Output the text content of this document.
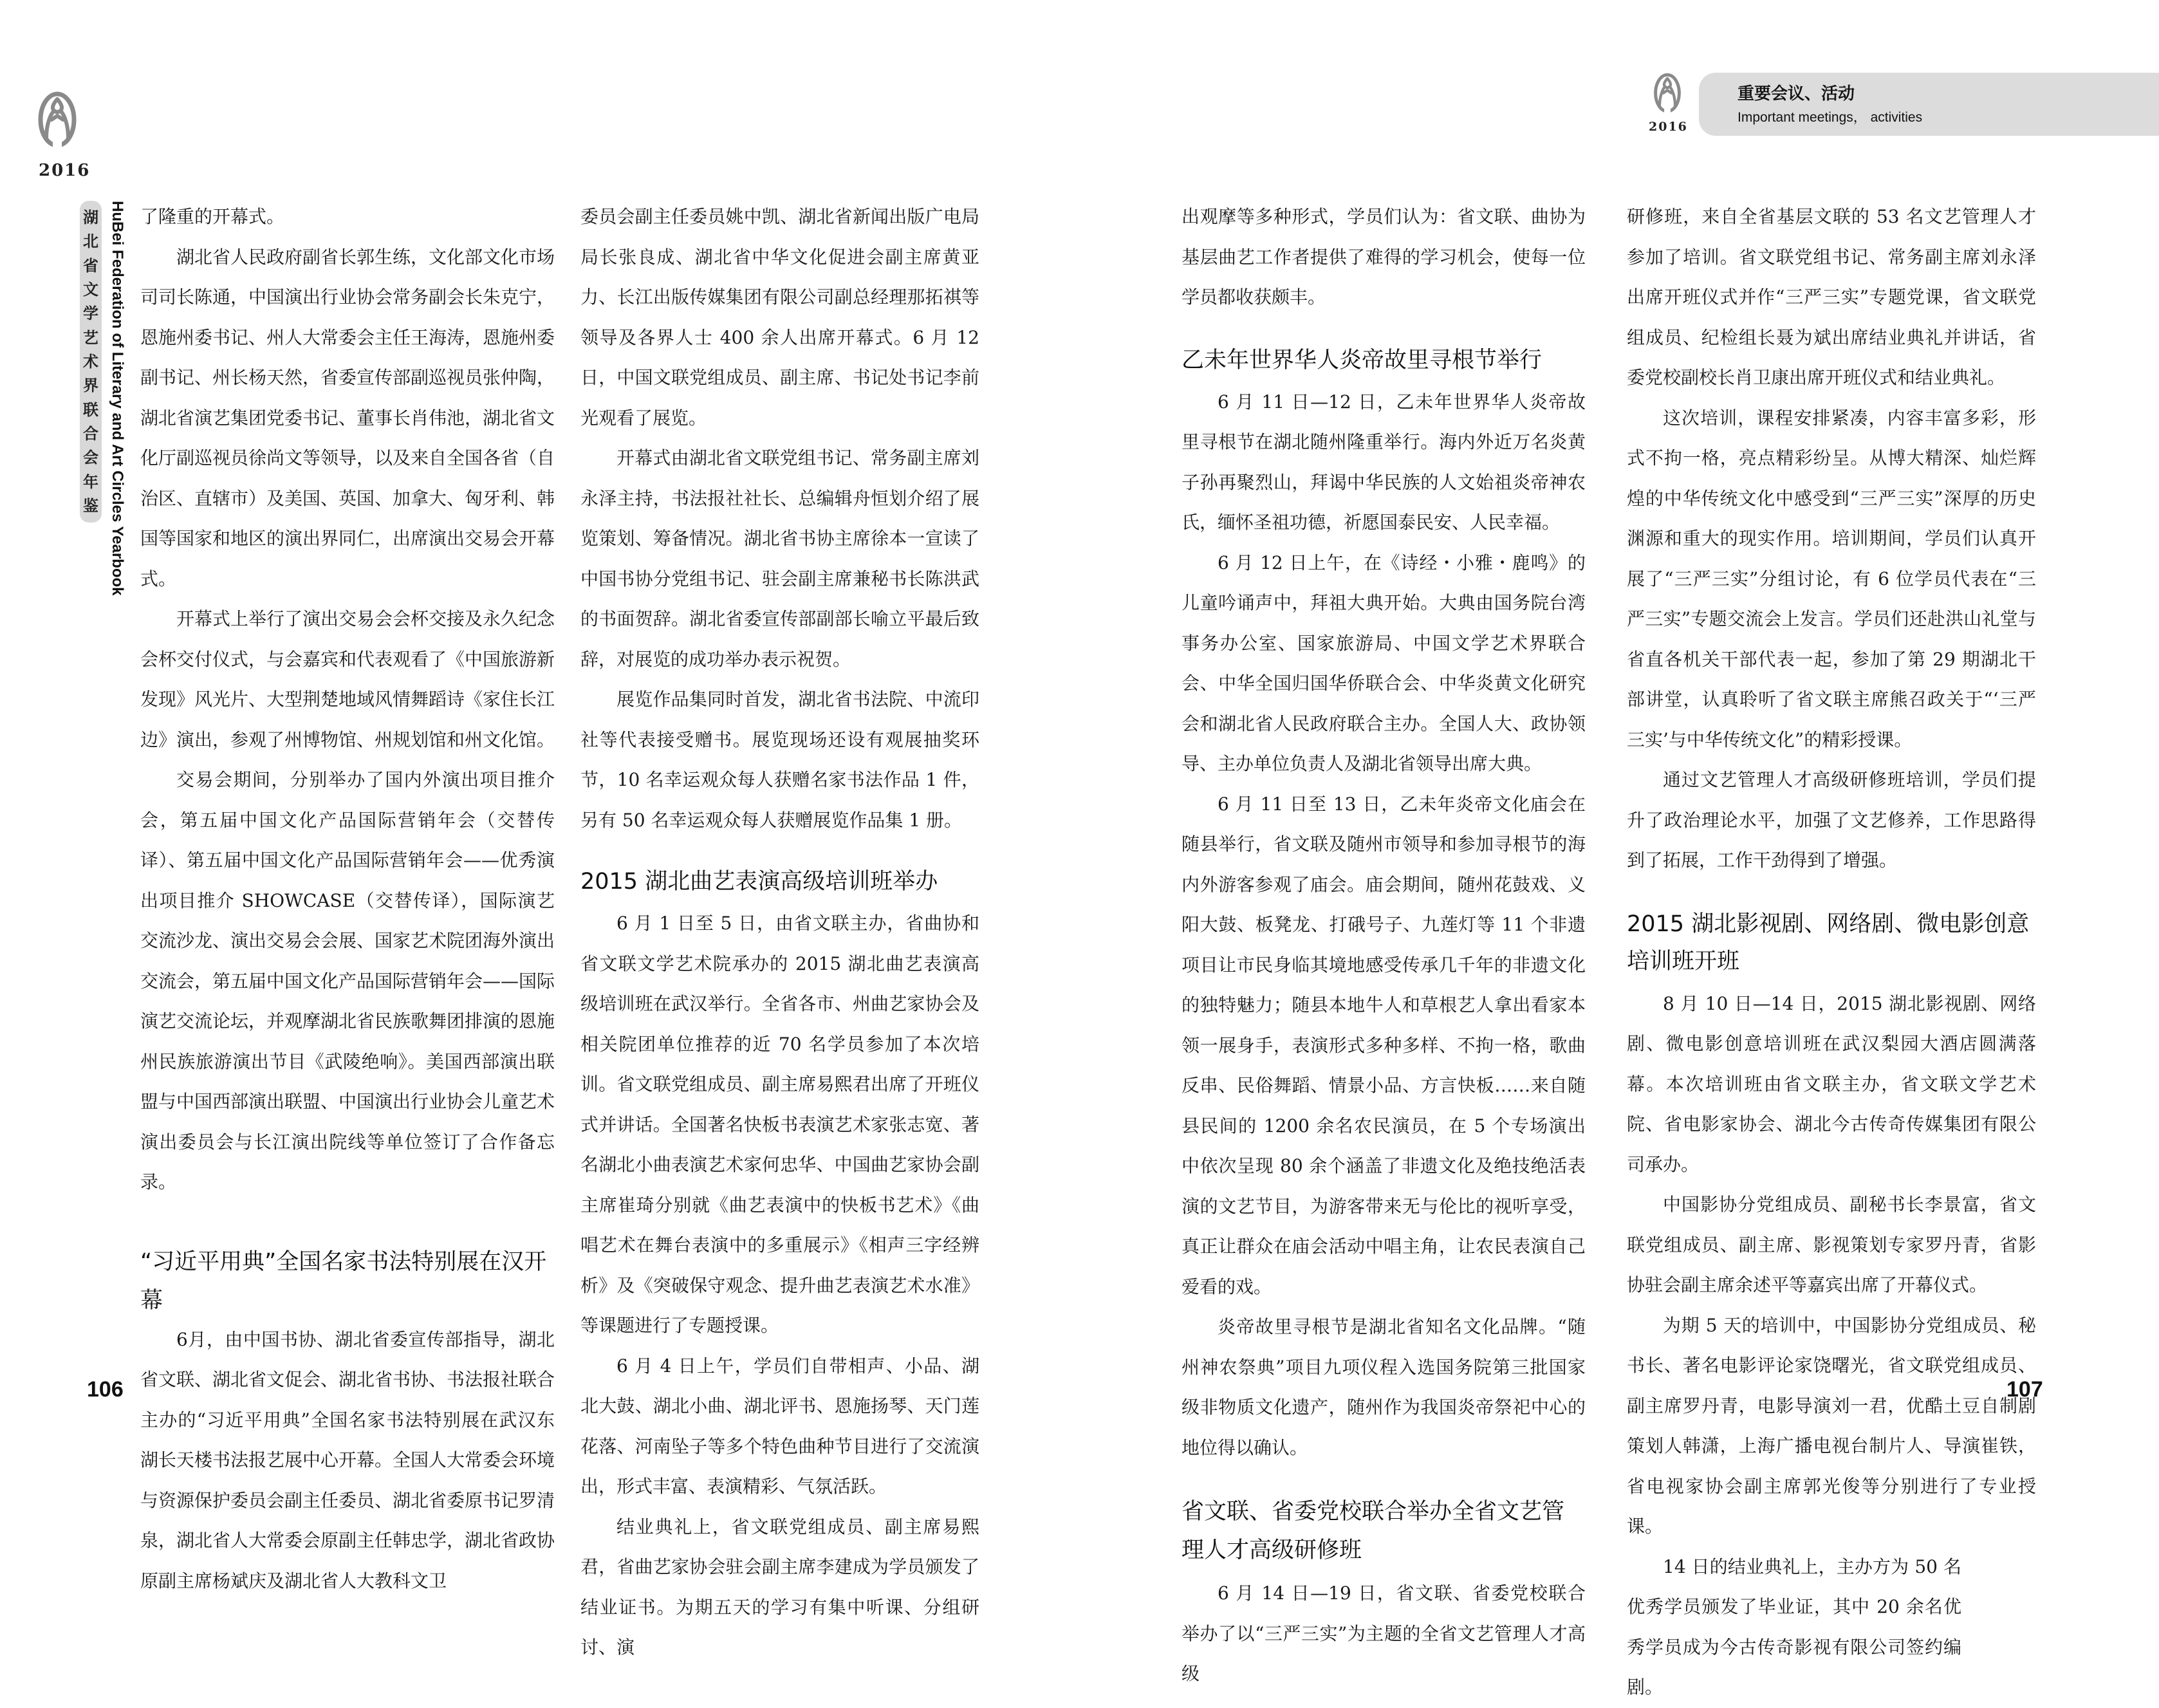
2016
湖
北
省
文
学
艺
术
界
联
合
会
年
鉴 HuBei Federation of Literary and Art Circles Yearbook 了隆重的开幕式。

湖北省人民政府副省长郭生练，文化部文化市场司司长陈通，中国演出行业协会常务副会长朱克宁，恩施州委书记、州人大常委会主任王海涛，恩施州委副书记、州长杨天然，省委宣传部副巡视员张仲陶，湖北省演艺集团党委书记、董事长肖伟池，湖北省文化厅副巡视员徐尚文等领导，以及来自全国各省（自治区、直辖市）及美国、英国、加拿大、匈牙利、韩国等国家和地区的演出界同仁，出席演出交易会开幕式。

开幕式上举行了演出交易会会杯交接及永久纪念会杯交付仪式，与会嘉宾和代表观看了《中国旅游新发现》风光片、大型荆楚地域风情舞蹈诗《家住长江边》演出，参观了州博物馆、州规划馆和州文化馆。

交易会期间，分别举办了国内外演出项目推介会，第五届中国文化产品国际营销年会（交替传译）、第五届中国文化产品国际营销年会——优秀演出项目推介 SHOWCASE（交替传译），国际演艺交流沙龙、演出交易会会展、国家艺术院团海外演出交流会，第五届中国文化产品国际营销年会——国际演艺交流论坛，并观摩湖北省民族歌舞团排演的恩施州民族旅游演出节目《武陵绝响》。美国西部演出联盟与中国西部演出联盟、中国演出行业协会儿童艺术演出委员会与长江演出院线等单位签订了合作备忘录。

“习近平用典”全国名家书法特别展在汉开幕

6月，由中国书协、湖北省委宣传部指导，湖北省文联、湖北省文促会、湖北省书协、书法报社联合主办的“习近平用典”全国名家书法特别展在武汉东湖长天楼书法报艺展中心开幕。全国人大常委会环境与资源保护委员会副主任委员、湖北省委原书记罗清泉，湖北省人大常委会原副主任韩忠学，湖北省政协原副主席杨斌庆及湖北省人大教科文卫

委员会副主任委员姚中凯、湖北省新闻出版广电局局长张良成、湖北省中华文化促进会副主席黄亚力、长江出版传媒集团有限公司副总经理那拓祺等领导及各界人士 400 余人出席开幕式。6 月 12 日，中国文联党组成员、副主席、书记处书记李前光观看了展览。

开幕式由湖北省文联党组书记、常务副主席刘永泽主持，书法报社社长、总编辑舟恒划介绍了展览策划、筹备情况。湖北省书协主席徐本一宣读了中国书协分党组书记、驻会副主席兼秘书长陈洪武的书面贺辞。湖北省委宣传部副部长喻立平最后致辞，对展览的成功举办表示祝贺。

展览作品集同时首发，湖北省书法院、中流印社等代表接受赠书。展览现场还设有观展抽奖环节，10 名幸运观众每人获赠名家书法作品 1 件，另有 50 名幸运观众每人获赠展览作品集 1 册。

2015 湖北曲艺表演高级培训班举办

6 月 1 日至 5 日，由省文联主办，省曲协和省文联文学艺术院承办的 2015 湖北曲艺表演高级培训班在武汉举行。全省各市、州曲艺家协会及相关院团单位推荐的近 70 名学员参加了本次培训。省文联党组成员、副主席易熙君出席了开班仪式并讲话。全国著名快板书表演艺术家张志宽、著名湖北小曲表演艺术家何忠华、中国曲艺家协会副主席崔琦分别就《曲艺表演中的快板书艺术》《曲唱艺术在舞台表演中的多重展示》《相声三字经辨析》及《突破保守观念、提升曲艺表演艺术水准》等课题进行了专题授课。

6 月 4 日上午，学员们自带相声、小品、湖北大鼓、湖北小曲、湖北评书、恩施扬琴、天门莲花落、河南坠子等多个特色曲种节目进行了交流演出，形式丰富、表演精彩、气氛活跃。

结业典礼上，省文联党组成员、副主席易熙君，省曲艺家协会驻会副主席李建成为学员颁发了结业证书。为期五天的学习有集中听课、分组研讨、演

106
2016
重要会议、活动
Important meetings， activities

出观摩等多种形式，学员们认为：省文联、曲协为基层曲艺工作者提供了难得的学习机会，使每一位学员都收获颇丰。

乙未年世界华人炎帝故里寻根节举行

6 月 11 日—12 日，乙未年世界华人炎帝故里寻根节在湖北随州隆重举行。海内外近万名炎黄子孙再聚烈山，拜谒中华民族的人文始祖炎帝神农氏，缅怀圣祖功德，祈愿国泰民安、人民幸福。

6 月 12 日上午，在《诗经・小雅・鹿鸣》的儿童吟诵声中，拜祖大典开始。大典由国务院台湾事务办公室、国家旅游局、中国文学艺术界联合会、中华全国归国华侨联合会、中华炎黄文化研究会和湖北省人民政府联合主办。全国人大、政协领导、主办单位负责人及湖北省领导出席大典。

6 月 11 日至 13 日，乙未年炎帝文化庙会在随县举行，省文联及随州市领导和参加寻根节的海内外游客参观了庙会。庙会期间，随州花鼓戏、义阳大鼓、板凳龙、打硪号子、九莲灯等 11 个非遗项目让市民身临其境地感受传承几千年的非遗文化的独特魅力；随县本地牛人和草根艺人拿出看家本领一展身手，表演形式多种多样、不拘一格，歌曲反串、民俗舞蹈、情景小品、方言快板……来自随县民间的 1200 余名农民演员，在 5 个专场演出中依次呈现 80 余个涵盖了非遗文化及绝技绝活表演的文艺节目，为游客带来无与伦比的视听享受，真正让群众在庙会活动中唱主角，让农民表演自己爱看的戏。

炎帝故里寻根节是湖北省知名文化品牌。“随州神农祭典”项目九项仪程入选国务院第三批国家级非物质文化遗产，随州作为我国炎帝祭祀中心的地位得以确认。

省文联、省委党校联合举办全省文艺管理人才高级研修班

6 月 14 日—19 日，省文联、省委党校联合举办了以“三严三实”为主题的全省文艺管理人才高级

研修班，来自全省基层文联的 53 名文艺管理人才参加了培训。省文联党组书记、常务副主席刘永泽出席开班仪式并作“三严三实”专题党课，省文联党组成员、纪检组长聂为斌出席结业典礼并讲话，省委党校副校长肖卫康出席开班仪式和结业典礼。

这次培训，课程安排紧凑，内容丰富多彩，形式不拘一格，亮点精彩纷呈。从博大精深、灿烂辉煌的中华传统文化中感受到“三严三实”深厚的历史渊源和重大的现实作用。培训期间，学员们认真开展了“三严三实”分组讨论，有 6 位学员代表在“三严三实”专题交流会上发言。学员们还赴洪山礼堂与省直各机关干部代表一起，参加了第 29 期湖北干部讲堂，认真聆听了省文联主席熊召政关于“‘三严三实’与中华传统文化”的精彩授课。

通过文艺管理人才高级研修班培训，学员们提升了政治理论水平，加强了文艺修养，工作思路得到了拓展，工作干劲得到了增强。

2015 湖北影视剧、网络剧、微电影创意培训班开班

8 月 10 日—14 日，2015 湖北影视剧、网络剧、微电影创意培训班在武汉梨园大酒店圆满落幕。本次培训班由省文联主办，省文联文学艺术院、省电影家协会、湖北今古传奇传媒集团有限公司承办。

中国影协分党组成员、副秘书长李景富，省文联党组成员、副主席、影视策划专家罗丹青，省影协驻会副主席余述平等嘉宾出席了开幕仪式。

为期 5 天的培训中，中国影协分党组成员、秘书长、著名电影评论家饶曙光，省文联党组成员、副主席罗丹青，电影导演刘一君，优酷土豆自制剧策划人韩潇，上海广播电视台制片人、导演崔铁，省电视家协会副主席郭光俊等分别进行了专业授课。

14 日的结业典礼上，主办方为 50 名优秀学员颁发了毕业证，其中 20 余名优秀学员成为今古传奇影视有限公司签约编剧。

107
